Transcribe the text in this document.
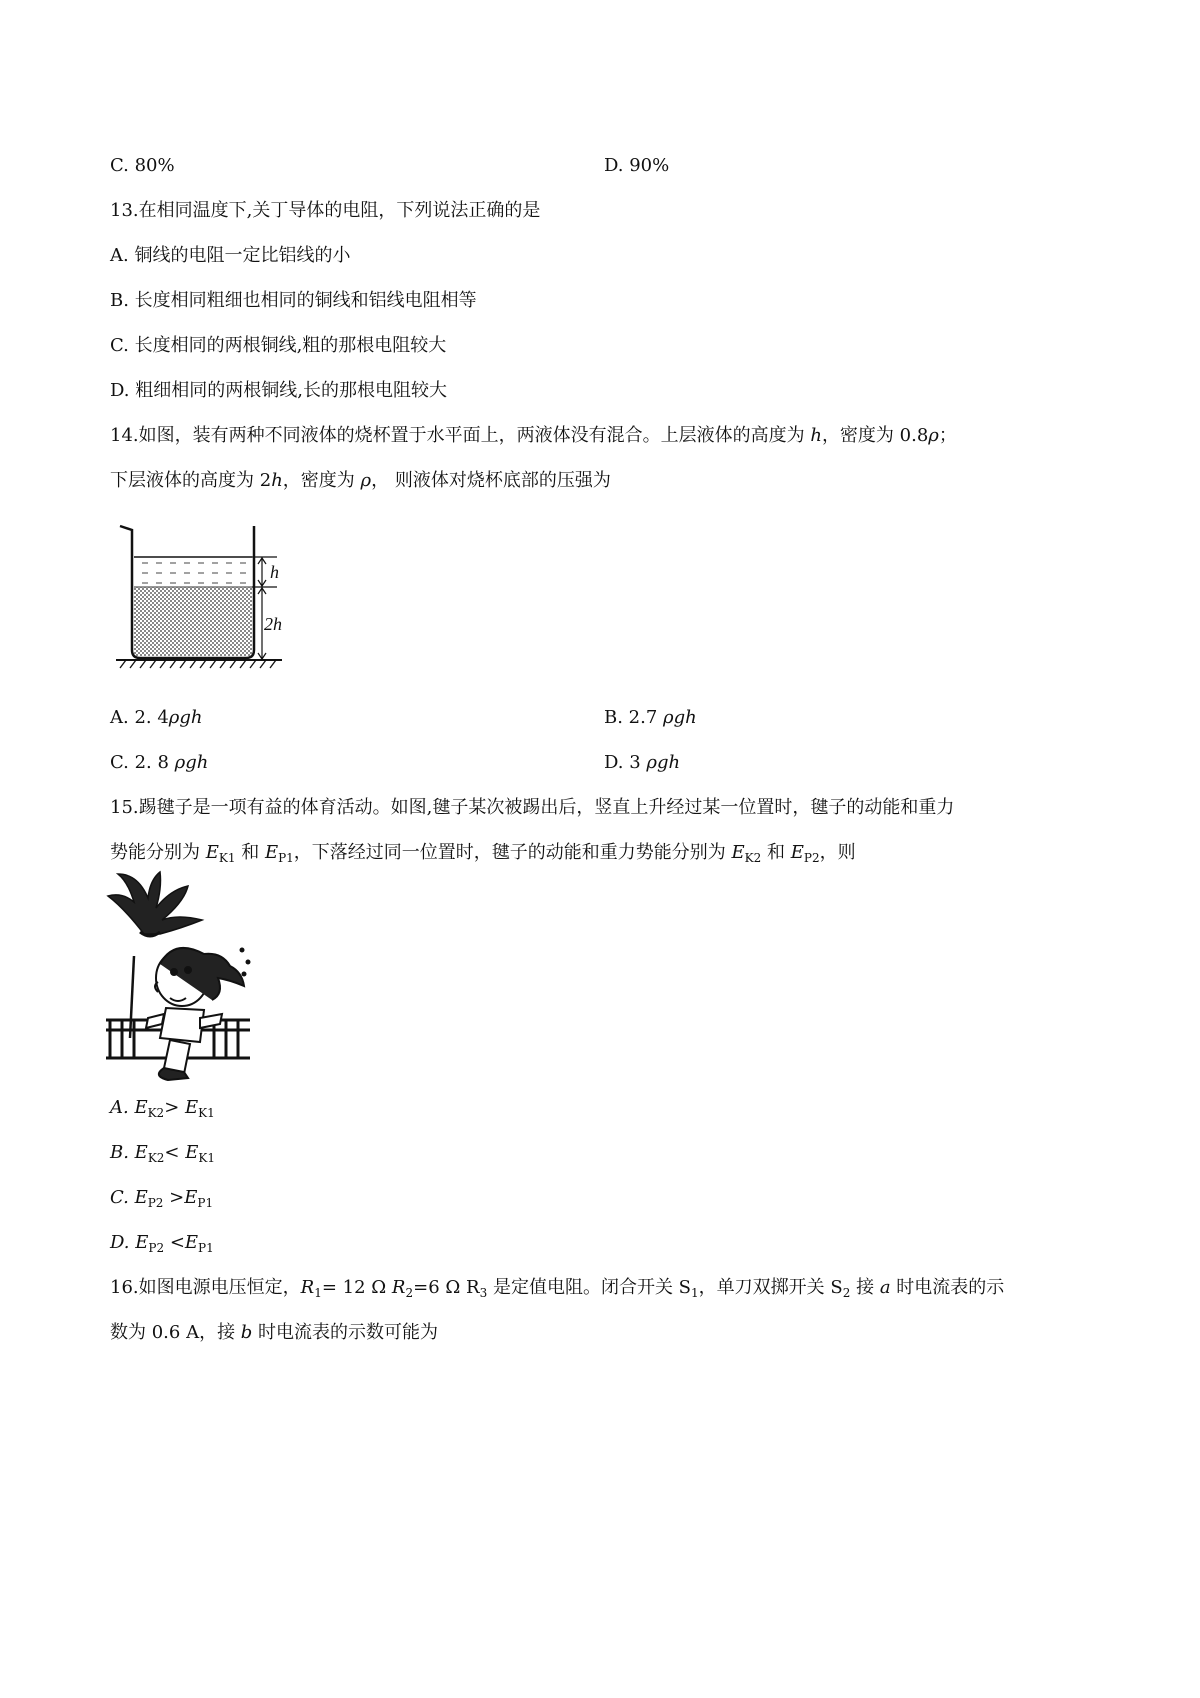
C. 80%	D. 90%
13.在相同温度下,关丁导体的电阻，下列说法正确的是
A. 铜线的电阻一定比铝线的小
B. 长度相同粗细也相同的铜线和铝线电阻相等
C. 长度相同的两根铜线,粗的那根电阻较大
D. 粗细相同的两根铜线,长的那根电阻较大
14.如图，装有两种不同液体的烧杯置于水平面上，两液体没有混合。上层液体的高度为 h，密度为 0.8ρ；
下层液体的高度为 2h，密度为 ρ， 则液体对烧杯底部的压强为
h
2h
A. 2. 4ρgh	B. 2.7 ρgh
C. 2. 8 ρgh	D. 3 ρgh
15.踢毽子是一项有益的体育活动。如图,毽子某次被踢出后，竖直上升经过某一位置时，毽子的动能和重力
势能分别为 $E_{K1}$ 和 $E_{P1}$，下落经过同一位置时，毽子的动能和重力势能分别为 $E_{K2}$ 和 $E_{P2}$，则
A. $E_{K2}> E_{K1}$
B. $E_{K2}< E_{K1}$
C. $E_{P2} >E_{P1}$
D. $E_{P2} <E_{P1}$
16.如图电源电压恒定，$R_1= 12$ Ω $R_2=6$ Ω $R_3$ 是定值电阻。闭合开关 $S_1$，单刀双掷开关 $S_2$ 接 a 时电流表的示
数为 0.6 A，接 b 时电流表的示数可能为
